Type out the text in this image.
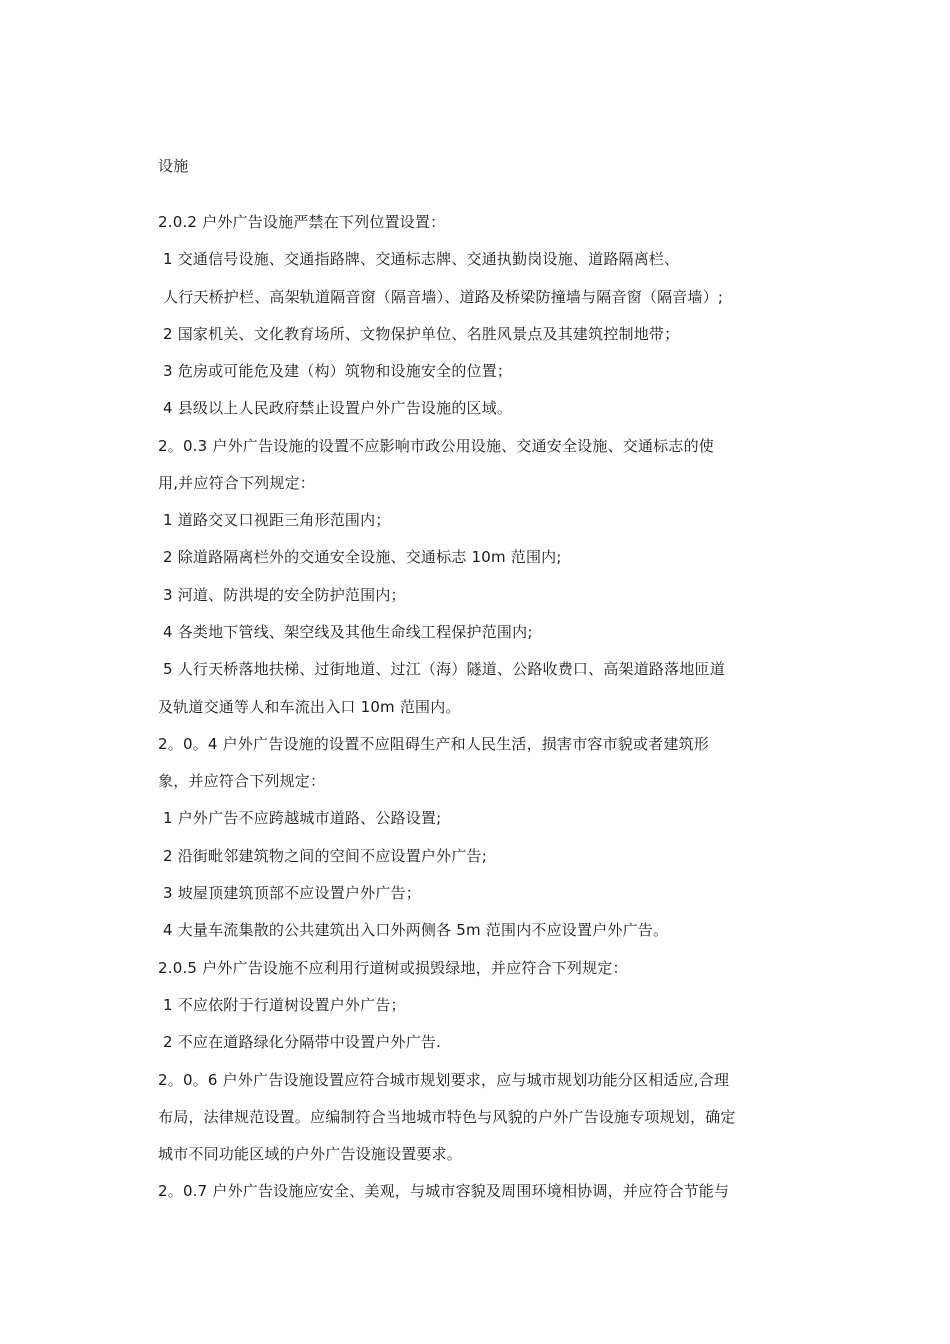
设施
2.0.2 户外广告设施严禁在下列位置设置：
1 交通信号设施、交通指路牌、交通标志牌、交通执勤岗设施、道路隔离栏、
人行天桥护栏、高架轨道隔音窗（隔音墙）、道路及桥梁防撞墙与隔音窗（隔音墙）;
2 国家机关、文化教育场所、文物保护单位、名胜风景点及其建筑控制地带；
3 危房或可能危及建（构）筑物和设施安全的位置；
4 县级以上人民政府禁止设置户外广告设施的区域。
2。0.3 户外广告设施的设置不应影响市政公用设施、交通安全设施、交通标志的使
用,并应符合下列规定：
1 道路交叉口视距三角形范围内；
2 除道路隔离栏外的交通安全设施、交通标志 10m 范围内;
3 河道、防洪堤的安全防护范围内；
4 各类地下管线、架空线及其他生命线工程保护范围内;
5 人行天桥落地扶梯、过街地道、过江（海）隧道、公路收费口、高架道路落地匝道
及轨道交通等人和车流出入口 10m 范围内。
2。0。4 户外广告设施的设置不应阻碍生产和人民生活，损害市容市貌或者建筑形
象，并应符合下列规定：
1 户外广告不应跨越城市道路、公路设置;
2 沿街毗邻建筑物之间的空间不应设置户外广告;
3 坡屋顶建筑顶部不应设置户外广告；
4 大量车流集散的公共建筑出入口外两侧各 5m 范围内不应设置户外广告。
2.0.5 户外广告设施不应利用行道树或损毁绿地，并应符合下列规定：
1 不应依附于行道树设置户外广告；
2 不应在道路绿化分隔带中设置户外广告.
2。0。6 户外广告设施设置应符合城市规划要求，应与城市规划功能分区相适应,合理
布局，法律规范设置。应编制符合当地城市特色与风貌的户外广告设施专项规划，确定
城市不同功能区域的户外广告设施设置要求。
2。0.7 户外广告设施应安全、美观，与城市容貌及周围环境相协调，并应符合节能与
